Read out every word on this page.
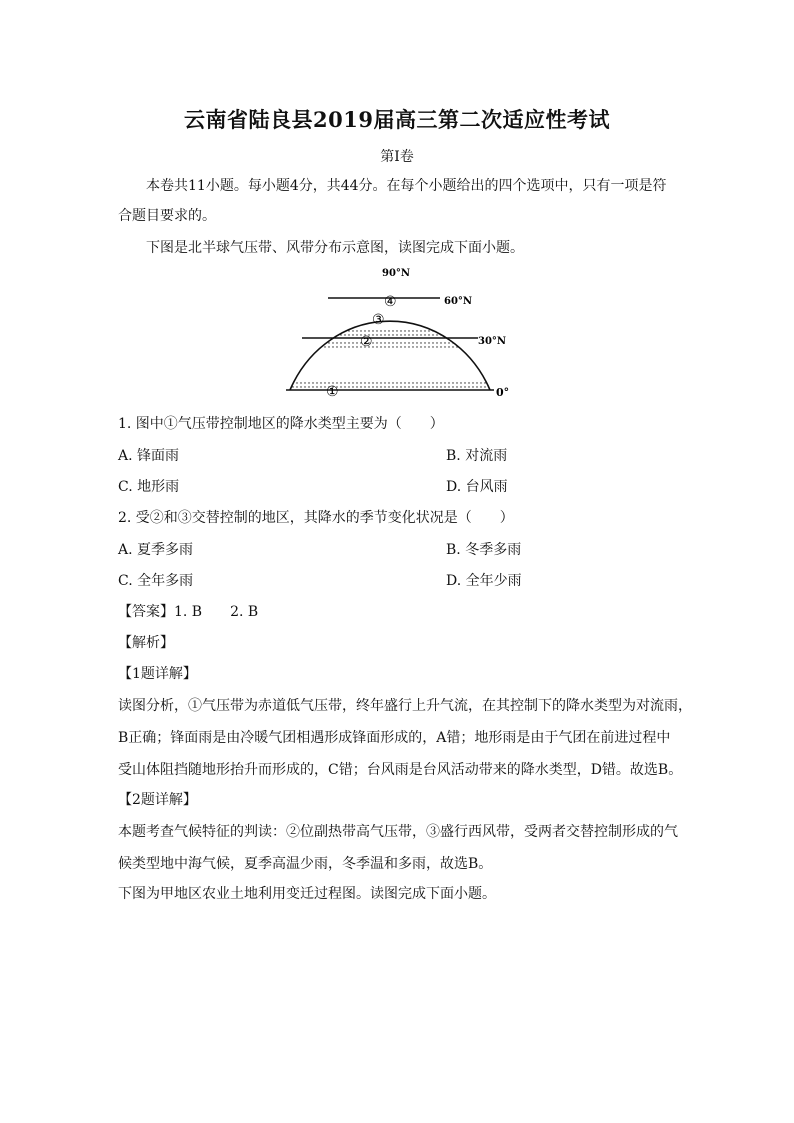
云南省陆良县2019届高三第二次适应性考试
第Ⅰ卷
本卷共11小题。每小题4分，共44分。在每个小题给出的四个选项中，只有一项是符
合题目要求的。
下图是北半球气压带、风带分布示意图，读图完成下面小题。
90°N
60°N
30°N
0°
④
③
②
①
1. 图中①气压带控制地区的降水类型主要为（　　）
A. 锋面雨	B. 对流雨
C. 地形雨	D. 台风雨
2. 受②和③交替控制的地区，其降水的季节变化状况是（　　）
A. 夏季多雨	B. 冬季多雨
C. 全年多雨	D. 全年少雨
【答案】1. B　　2. B
【解析】
【1题详解】
读图分析，①气压带为赤道低气压带，终年盛行上升气流，在其控制下的降水类型为对流雨，
B正确；锋面雨是由冷暖气团相遇形成锋面形成的，A错；地形雨是由于气团在前进过程中
受山体阻挡随地形抬升而形成的，C错；台风雨是台风活动带来的降水类型，D错。故选B。
【2题详解】
本题考查气候特征的判读：②位副热带高气压带，③盛行西风带，受两者交替控制形成的气
候类型地中海气候，夏季高温少雨，冬季温和多雨，故选B。
下图为甲地区农业土地利用变迁过程图。读图完成下面小题。
